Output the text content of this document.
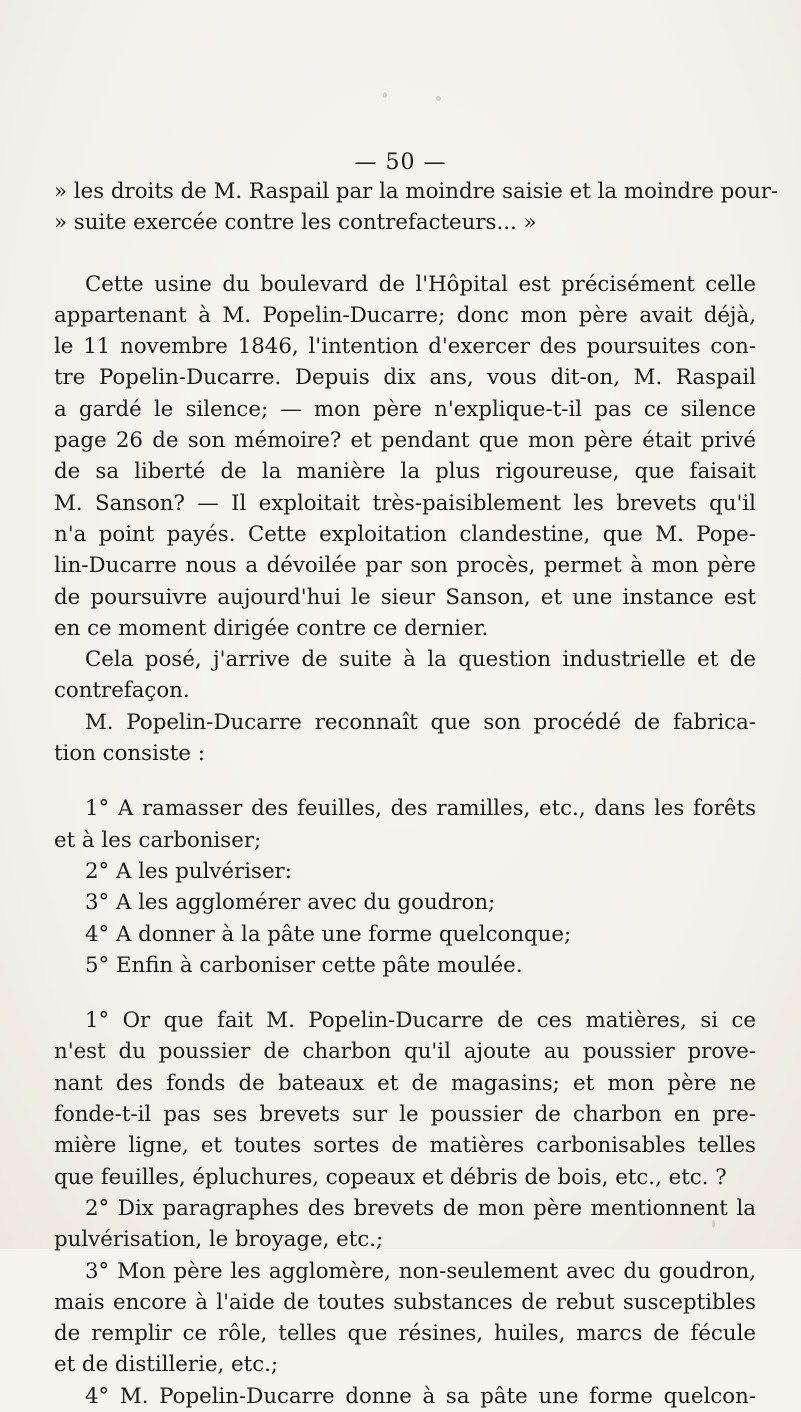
— 50 —
» les droits de M. Raspail par la moindre saisie et la moindre pour-
» suite exercée contre les contrefacteurs... »
Cette usine du boulevard de l'Hôpital est précisément celle
appartenant à M. Popelin-Ducarre; donc mon père avait déjà,
le 11 novembre 1846, l'intention d'exercer des poursuites con-
tre Popelin-Ducarre. Depuis dix ans, vous dit-on, M. Raspail
a gardé le silence; — mon père n'explique-t-il pas ce silence
page 26 de son mémoire? et pendant que mon père était privé
de sa liberté de la manière la plus rigoureuse, que faisait
M. Sanson? — Il exploitait très-paisiblement les brevets qu'il
n'a point payés. Cette exploitation clandestine, que M. Pope-
lin-Ducarre nous a dévoilée par son procès, permet à mon père
de poursuivre aujourd'hui le sieur Sanson, et une instance est
en ce moment dirigée contre ce dernier.
Cela posé, j'arrive de suite à la question industrielle et de
contrefaçon.
M. Popelin-Ducarre reconnaît que son procédé de fabrica-
tion consiste :
1° A ramasser des feuilles, des ramilles, etc., dans les forêts
et à les carboniser;
2° A les pulvériser:
3° A les agglomérer avec du goudron;
4° A donner à la pâte une forme quelconque;
5° Enfin à carboniser cette pâte moulée.
1° Or que fait M. Popelin-Ducarre de ces matières, si ce
n'est du poussier de charbon qu'il ajoute au poussier prove-
nant des fonds de bateaux et de magasins; et mon père ne
fonde-t-il pas ses brevets sur le poussier de charbon en pre-
mière ligne, et toutes sortes de matières carbonisables telles
que feuilles, épluchures, copeaux et débris de bois, etc., etc. ?
2° Dix paragraphes des brevets de mon père mentionnent la
pulvérisation, le broyage, etc.;
3° Mon père les agglomère, non-seulement avec du goudron,
mais encore à l'aide de toutes substances de rebut susceptibles
de remplir ce rôle, telles que résines, huiles, marcs de fécule
et de distillerie, etc.;
4° M. Popelin-Ducarre donne à sa pâte une forme quelcon-
